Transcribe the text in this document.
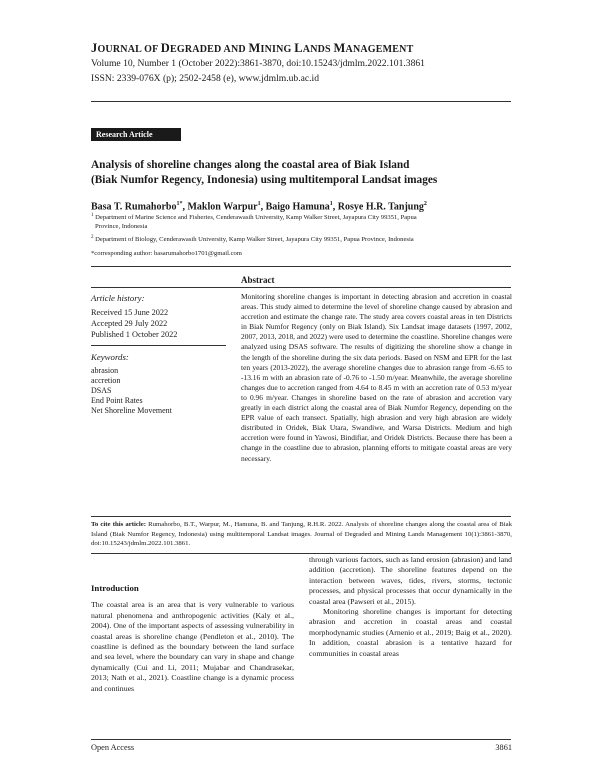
JOURNAL OF DEGRADED AND MINING LANDS MANAGEMENT
Volume 10, Number 1 (October 2022):3861-3870, doi:10.15243/jdmlm.2022.101.3861
ISSN: 2339-076X (p); 2502-2458 (e), www.jdmlm.ub.ac.id
Research Article
Analysis of shoreline changes along the coastal area of Biak Island
(Biak Numfor Regency, Indonesia) using multitemporal Landsat images
Basa T. Rumahorbo$^{1*}$, Maklon Warpur$^1$, Baigo Hamuna$^1$, Rosye H.R. Tanjung$^2$
$^1$ Department of Marine Science and Fisheries, Cenderawasih University, Kamp Walker Street, Jayapura City 99351, Papua
Province, Indonesia
$^2$ Department of Biology, Cenderawasih University, Kamp Walker Street, Jayapura City 99351, Papua Province, Indonesia
*corresponding author: basarumahorbo1701@gmail.com
Abstract
Article history:
Received 15 June 2022
Accepted 29 July 2022
Published 1 October 2022
Keywords:
abrasion
accretion
DSAS
End Point Rates
Net Shoreline Movement
Monitoring shoreline changes is important in detecting abrasion and accretion in coastal areas. This study aimed to determine the level of shoreline change caused by abrasion and accretion and estimate the change rate. The study area covers coastal areas in ten Districts in Biak Numfor Regency (only on Biak Island). Six Landsat image datasets (1997, 2002, 2007, 2013, 2018, and 2022) were used to determine the coastline. Shoreline changes were analyzed using DSAS software. The results of digitizing the shoreline show a change in the length of the shoreline during the six data periods. Based on NSM and EPR for the last ten years (2013-2022), the average shoreline changes due to abrasion range from -6.65 to -13.16 m with an abrasion rate of -0.76 to -1.50 m/year. Meanwhile, the average shoreline changes due to accretion ranged from 4.64 to 8.45 m with an accretion rate of 0.53 m/year to 0.96 m/year. Changes in shoreline based on the rate of abrasion and accretion vary greatly in each district along the coastal area of Biak Numfor Regency, depending on the EPR value of each transect. Spatially, high abrasion and very high abrasion are widely distributed in Oridek, Biak Utara, Swandiwe, and Warsa Districts. Medium and high accretion were found in Yawosi, Bindifiar, and Oridek Districts. Because there has been a change in the coastline due to abrasion, planning efforts to mitigate coastal areas are very necessary.
To cite this article: Rumahorbo, B.T., Warpur, M., Hamuna, B. and Tanjung, R.H.R. 2022. Analysis of shoreline changes along the coastal area of Biak Island (Biak Numfor Regency, Indonesia) using multitemporal Landsat images. Journal of Degraded and Mining Lands Management 10(1):3861-3870, doi:10.15243/jdmlm.2022.101.3861.
Introduction

The coastal area is an area that is very vulnerable to various natural phenomena and anthropogenic activities (Kaly et al., 2004). One of the important aspects of assessing vulnerability in coastal areas is shoreline change (Pendleton et al., 2010). The coastline is defined as the boundary between the land surface and sea level, where the boundary can vary in shape and change dynamically (Cui and Li, 2011; Mujabar and Chandrasekar, 2013; Nath et al., 2021). Coastline change is a dynamic process and continues

through various factors, such as land erosion (abrasion) and land addition (accretion). The shoreline features depend on the interaction between waves, tides, rivers, storms, tectonic processes, and physical processes that occur dynamically in the coastal area (Pawseri et al., 2015).

Monitoring shoreline changes is important for detecting abrasion and accretion in coastal areas and coastal morphodynamic studies (Arnenio et al., 2019; Baig et al., 2020). In addition, coastal abrasion is a tentative hazard for communities in coastal areas

Open Access	3861
